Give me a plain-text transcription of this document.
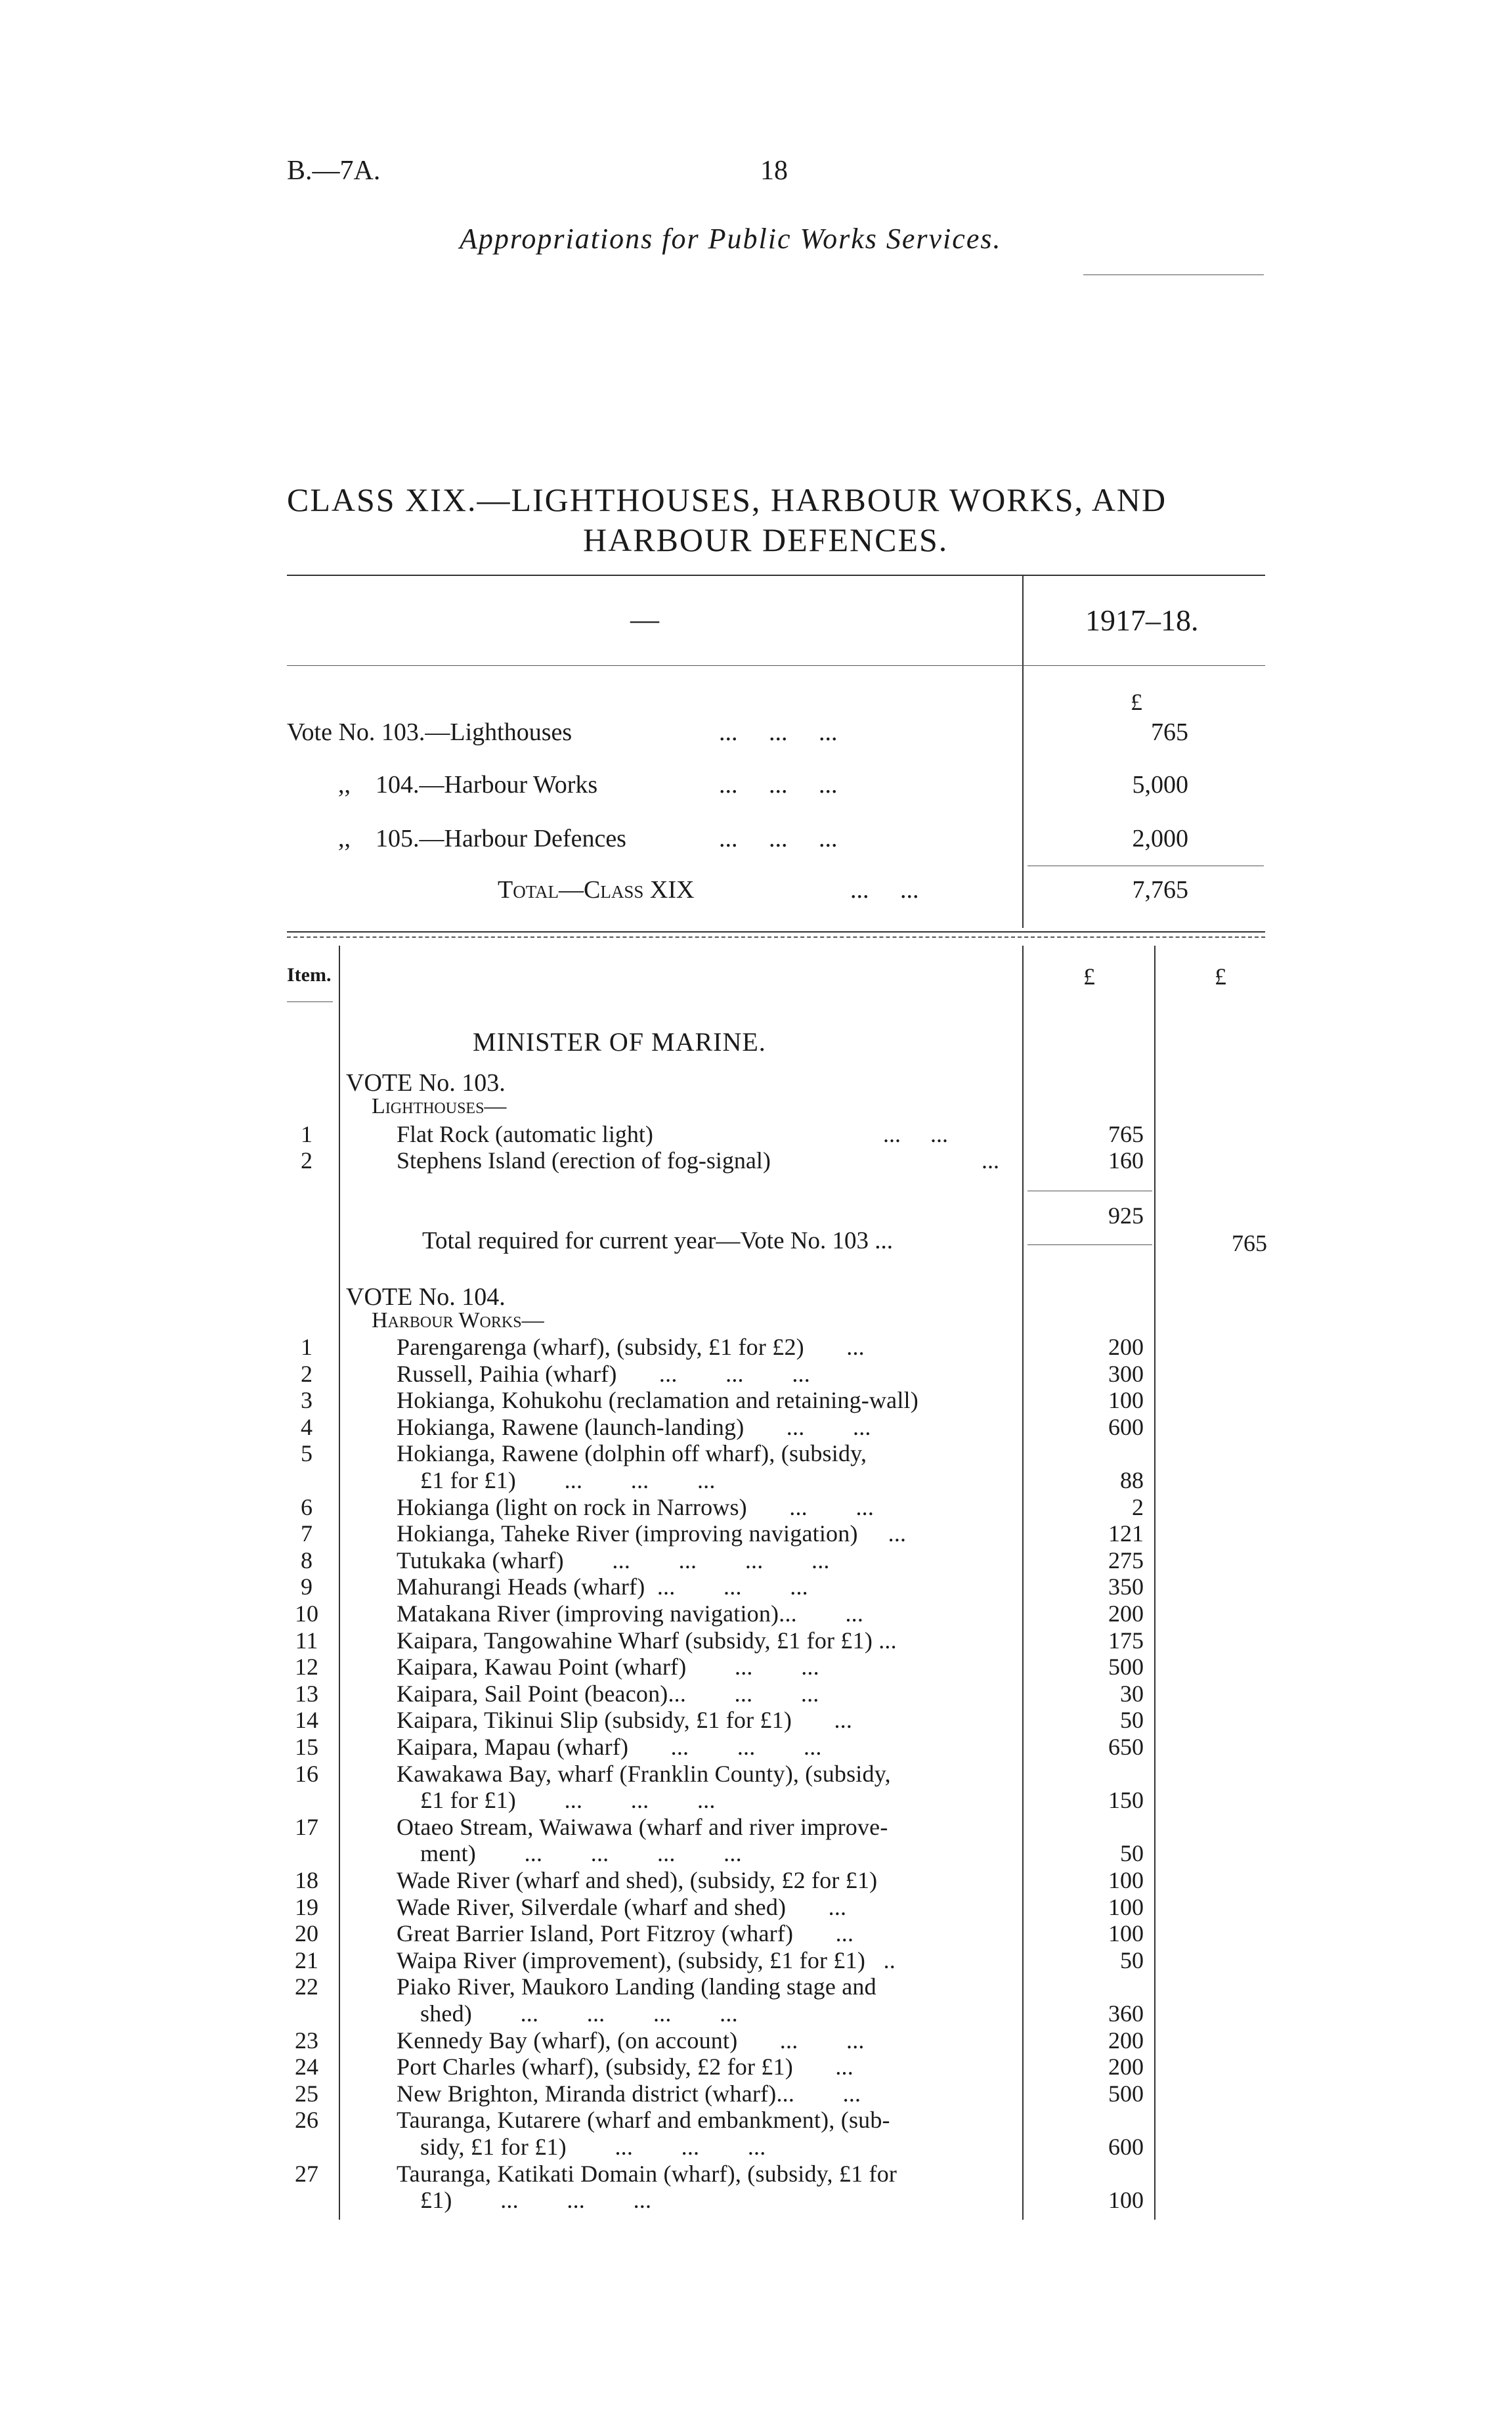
B.—7A.	18
Appropriations for Public Works Services.
CLASS XIX.—LIGHTHOUSES, HARBOUR WORKS, AND
HARBOUR DEFENCES.
—	1917–18.
£
Vote No. 103.—Lighthouses	...     ...     ...	765
,,    104.—Harbour Works	...     ...     ...	5,000
,,    105.—Harbour Defences	...     ...     ...	2,000
Total—Class XIX	...     ...	7,765
Item.	£	£
MINISTER OF MARINE.
VOTE No. 103.
Lighthouses—
1	Flat Rock (automatic light)	...     ...	765
2	Stephens Island (erection of fog-signal)	...	160
925
Total required for current year—Vote No. 103 ...	765
VOTE No. 104.
Harbour Works—
1	Parengarenga (wharf), (subsidy, £1 for £2)       ...	200
2	Russell, Paihia (wharf)       ...        ...        ...	300
3	Hokianga, Kohukohu (reclamation and retaining-wall)	100
4	Hokianga, Rawene (launch-landing)       ...        ...	600
5	Hokianga, Rawene (dolphin off wharf), (subsidy,
£1 for £1)        ...        ...        ...	88
6	Hokianga (light on rock in Narrows)       ...        ...	2
7	Hokianga, Taheke River (improving navigation)     ...	121
8	Tutukaka (wharf)        ...        ...        ...        ...	275
9	Mahurangi Heads (wharf)  ...        ...        ...	350
10	Matakana River (improving navigation)...        ...	200
11	Kaipara, Tangowahine Wharf (subsidy, £1 for £1) ...	175
12	Kaipara, Kawau Point (wharf)        ...        ...	500
13	Kaipara, Sail Point (beacon)...        ...        ...	30
14	Kaipara, Tikinui Slip (subsidy, £1 for £1)       ...	50
15	Kaipara, Mapau (wharf)       ...        ...        ...	650
16	Kawakawa Bay, wharf (Franklin County), (subsidy,
£1 for £1)        ...        ...        ...	150
17	Otaeo Stream, Waiwawa (wharf and river improve-
ment)        ...        ...        ...        ...	50
18	Wade River (wharf and shed), (subsidy, £2 for £1)	100
19	Wade River, Silverdale (wharf and shed)       ...	100
20	Great Barrier Island, Port Fitzroy (wharf)       ...	100
21	Waipa River (improvement), (subsidy, £1 for £1)   ..	50
22	Piako River, Maukoro Landing (landing stage and
shed)        ...        ...        ...        ...	360
23	Kennedy Bay (wharf), (on account)       ...        ...	200
24	Port Charles (wharf), (subsidy, £2 for £1)       ...	200
25	New Brighton, Miranda district (wharf)...        ...	500
26	Tauranga, Kutarere (wharf and embankment), (sub-
sidy, £1 for £1)        ...        ...        ...	600
27	Tauranga, Katikati Domain (wharf), (subsidy, £1 for
£1)        ...        ...        ...	100
